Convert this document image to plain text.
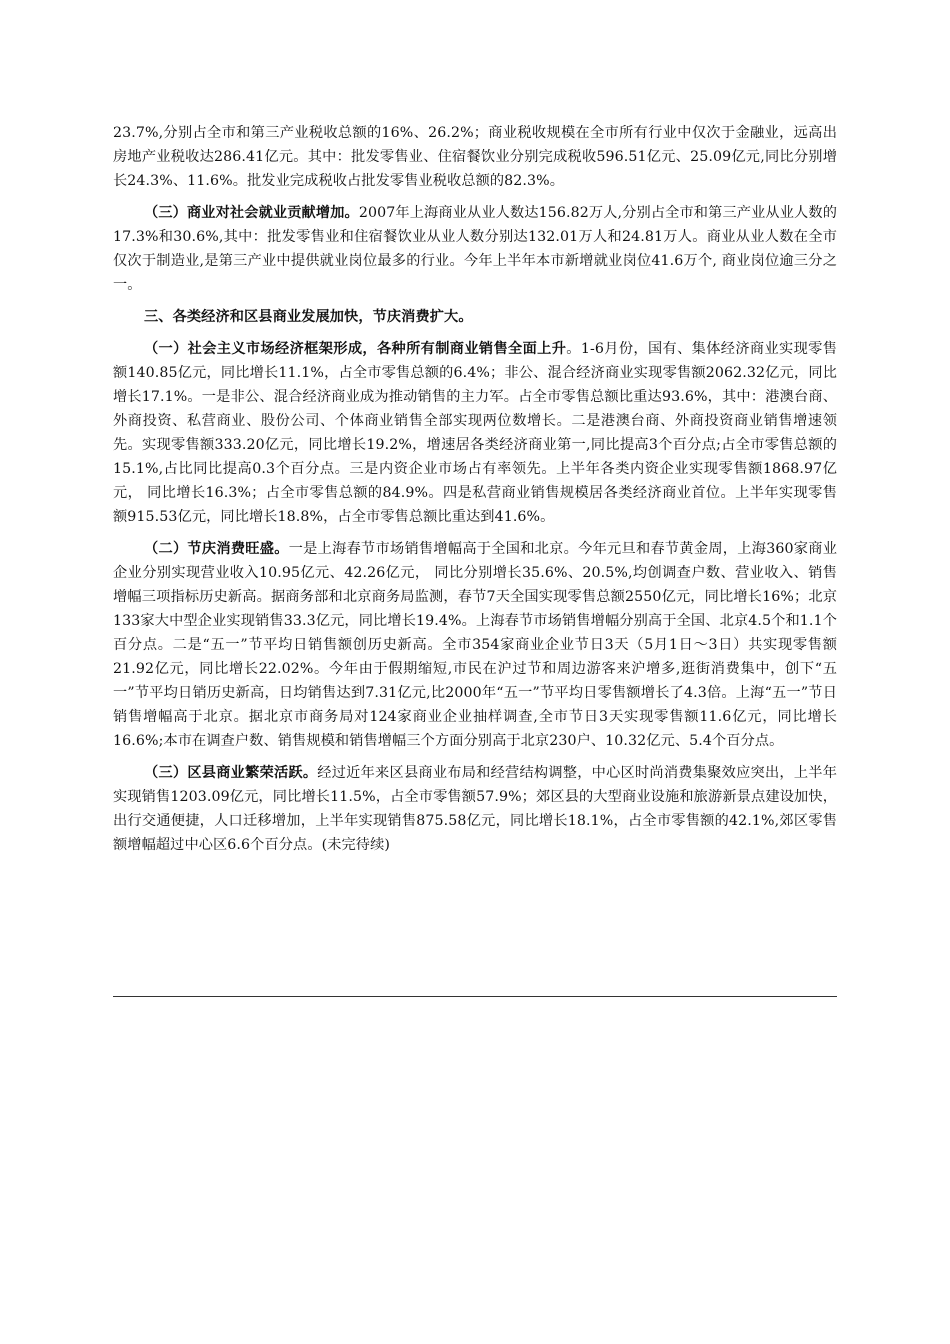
23.7%,分别占全市和第三产业税收总额的16%、26.2%；商业税收规模在全市所有行业中仅次于金融业，远高出房地产业税收达286.41亿元。其中：批发零售业、住宿餐饮业分别完成税收596.51亿元、25.09亿元,同比分别增长24.3%、11.6%。批发业完成税收占批发零售业税收总额的82.3%。

（三）商业对社会就业贡献增加。2007年上海商业从业人数达156.82万人,分别占全市和第三产业从业人数的17.3%和30.6%,其中：批发零售业和住宿餐饮业从业人数分别达132.01万人和24.81万人。商业从业人数在全市仅次于制造业,是第三产业中提供就业岗位最多的行业。今年上半年本市新增就业岗位41.6万个, 商业岗位逾三分之一。

三、各类经济和区县商业发展加快，节庆消费扩大。

（一）社会主义市场经济框架形成，各种所有制商业销售全面上升。1-6月份，国有、集体经济商业实现零售额140.85亿元，同比增长11.1%，占全市零售总额的6.4%；非公、混合经济商业实现零售额2062.32亿元，同比增长17.1%。一是非公、混合经济商业成为推动销售的主力军。占全市零售总额比重达93.6%，其中：港澳台商、外商投资、私营商业、股份公司、个体商业销售全部实现两位数增长。二是港澳台商、外商投资商业销售增速领先。实现零售额333.20亿元，同比增长19.2%，增速居各类经济商业第一,同比提高3个百分点;占全市零售总额的15.1%,占比同比提高0.3个百分点。三是内资企业市场占有率领先。上半年各类内资企业实现零售额1868.97亿元， 同比增长16.3%；占全市零售总额的84.9%。四是私营商业销售规模居各类经济商业首位。上半年实现零售额915.53亿元，同比增长18.8%，占全市零售总额比重达到41.6%。

（二）节庆消费旺盛。一是上海春节市场销售增幅高于全国和北京。今年元旦和春节黄金周，上海360家商业企业分别实现营业收入10.95亿元、42.26亿元， 同比分别增长35.6%、20.5%,均创调查户数、营业收入、销售增幅三项指标历史新高。据商务部和北京商务局监测，春节7天全国实现零售总额2550亿元，同比增长16%；北京133家大中型企业实现销售33.3亿元，同比增长19.4%。上海春节市场销售增幅分别高于全国、北京4.5个和1.1个百分点。二是“五一”节平均日销售额创历史新高。全市354家商业企业节日3天（5月1日～3日）共实现零售额21.92亿元，同比增长22.02%。今年由于假期缩短,市民在沪过节和周边游客来沪增多,逛街消费集中，创下“五一”节平均日销历史新高，日均销售达到7.31亿元,比2000年“五一”节平均日零售额增长了4.3倍。上海“五一”节日销售增幅高于北京。据北京市商务局对124家商业企业抽样调查,全市节日3天实现零售额11.6亿元，同比增长16.6%;本市在调查户数、销售规模和销售增幅三个方面分别高于北京230户、10.32亿元、5.4个百分点。

（三）区县商业繁荣活跃。经过近年来区县商业布局和经营结构调整，中心区时尚消费集聚效应突出，上半年实现销售1203.09亿元，同比增长11.5%，占全市零售额57.9%；郊区县的大型商业设施和旅游新景点建设加快，出行交通便捷，人口迁移增加，上半年实现销售875.58亿元，同比增长18.1%，占全市零售额的42.1%,郊区零售额增幅超过中心区6.6个百分点。(未完待续)
